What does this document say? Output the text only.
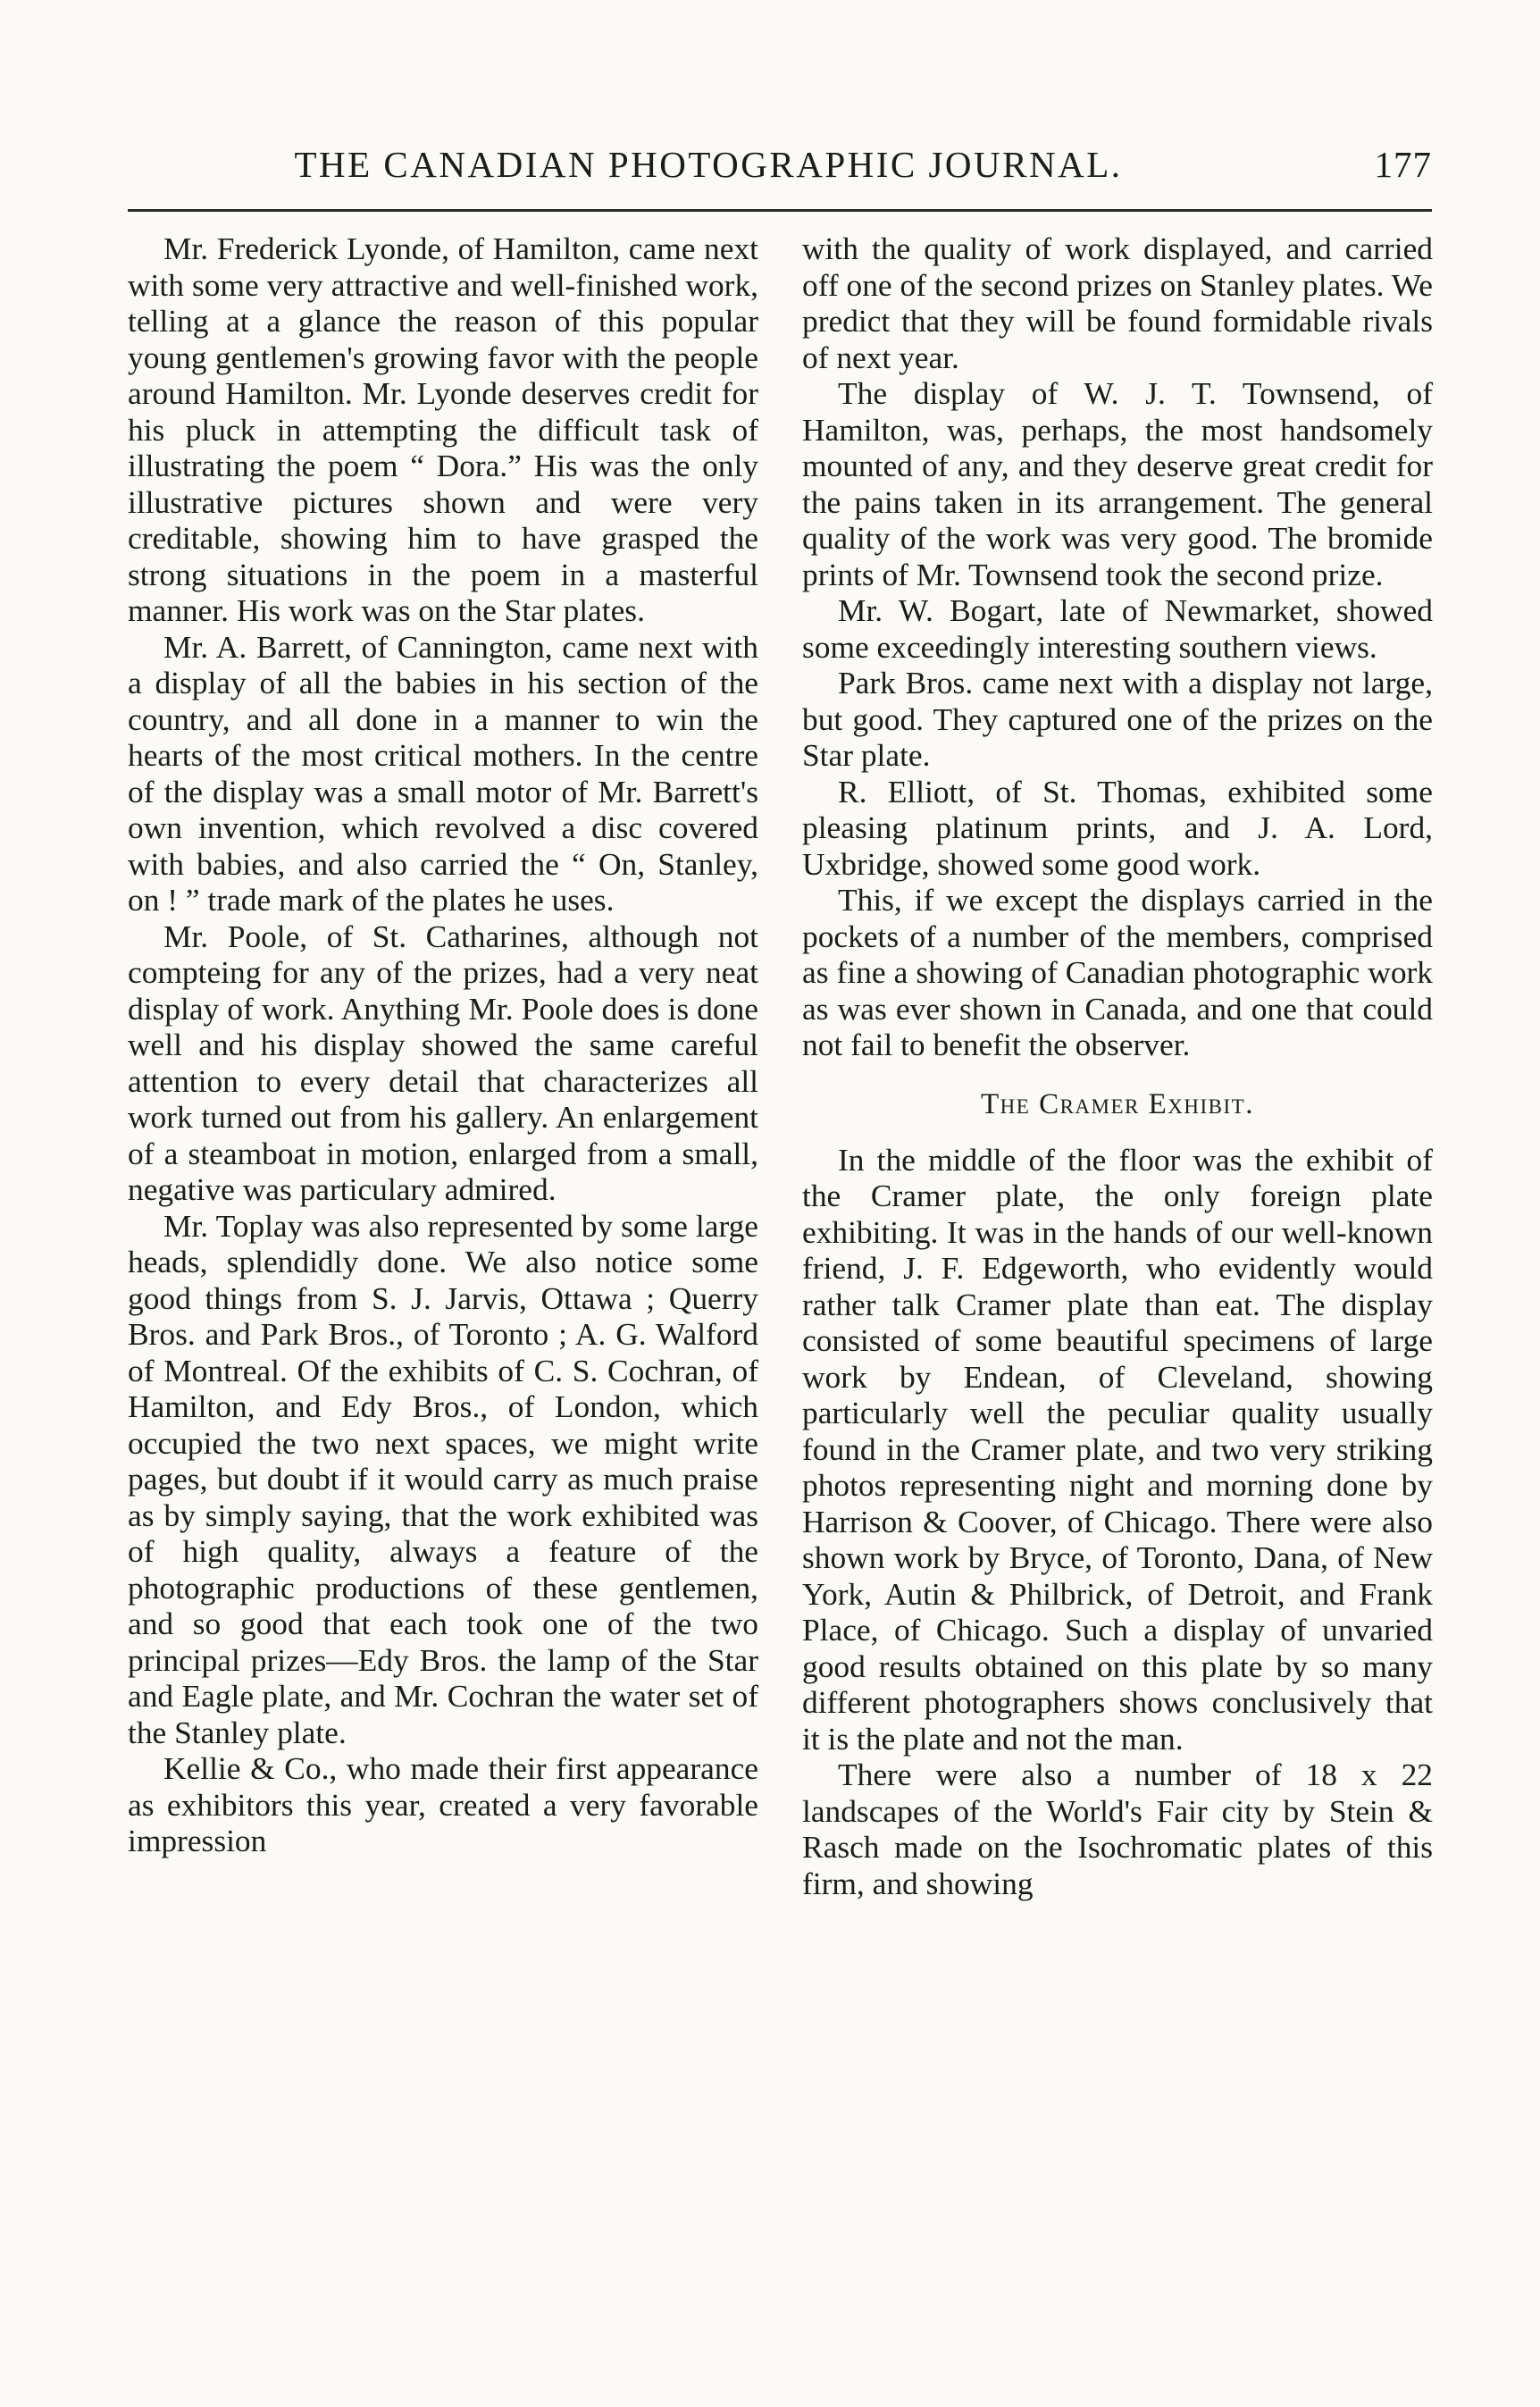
THE CANADIAN PHOTOGRAPHIC JOURNAL.	177

Mr. Frederick Lyonde, of Hamilton, came next with some very attractive and well-finished work, telling at a glance the reason of this popular young gentlemen's growing favor with the people around Hamilton. Mr. Lyonde deserves credit for his pluck in attempting the difficult task of illustrating the poem “ Dora.” His was the only illustrative pictures shown and were very creditable, showing him to have grasped the strong situations in the poem in a masterful manner. His work was on the Star plates.

Mr. A. Barrett, of Cannington, came next with a display of all the babies in his section of the country, and all done in a manner to win the hearts of the most critical mothers. In the centre of the display was a small motor of Mr. Barrett's own invention, which revolved a disc covered with babies, and also carried the “ On, Stanley, on ! ” trade mark of the plates he uses.

Mr. Poole, of St. Catharines, although not compteing for any of the prizes, had a very neat display of work. Anything Mr. Poole does is done well and his display showed the same careful attention to every detail that characterizes all work turned out from his gallery. An enlargement of a steamboat in motion, enlarged from a small, negative was particulary admired.

Mr. Toplay was also represented by some large heads, splendidly done. We also notice some good things from S. J. Jarvis, Ottawa ; Querry Bros. and Park Bros., of Toronto ; A. G. Walford of Montreal. Of the exhibits of C. S. Cochran, of Hamilton, and Edy Bros., of London, which occupied the two next spaces, we might write pages, but doubt if it would carry as much praise as by simply saying, that the work exhibited was of high quality, always a feature of the photographic productions of these gentlemen, and so good that each took one of the two principal prizes—Edy Bros. the lamp of the Star and Eagle plate, and Mr. Cochran the water set of the Stanley plate.

Kellie & Co., who made their first appearance as exhibitors this year, created a very favorable impression

with the quality of work displayed, and carried off one of the second prizes on Stanley plates. We predict that they will be found formidable rivals of next year.

The display of W. J. T. Townsend, of Hamilton, was, perhaps, the most handsomely mounted of any, and they deserve great credit for the pains taken in its arrangement. The general quality of the work was very good. The bromide prints of Mr. Townsend took the second prize.

Mr. W. Bogart, late of Newmarket, showed some exceedingly interesting southern views.

Park Bros. came next with a display not large, but good. They captured one of the prizes on the Star plate.

R. Elliott, of St. Thomas, exhibited some pleasing platinum prints, and J. A. Lord, Uxbridge, showed some good work.

This, if we except the displays carried in the pockets of a number of the members, comprised as fine a showing of Canadian photographic work as was ever shown in Canada, and one that could not fail to benefit the observer.

The Cramer Exhibit.

In the middle of the floor was the exhibit of the Cramer plate, the only foreign plate exhibiting. It was in the hands of our well-known friend, J. F. Edgeworth, who evidently would rather talk Cramer plate than eat. The display consisted of some beautiful specimens of large work by Endean, of Cleveland, showing particularly well the peculiar quality usually found in the Cramer plate, and two very striking photos representing night and morning done by Harrison & Coover, of Chicago. There were also shown work by Bryce, of Toronto, Dana, of New York, Autin & Philbrick, of Detroit, and Frank Place, of Chicago. Such a display of unvaried good results obtained on this plate by so many different photographers shows conclusively that it is the plate and not the man.

There were also a number of 18 x 22 landscapes of the World's Fair city by Stein & Rasch made on the Isochromatic plates of this firm, and showing
